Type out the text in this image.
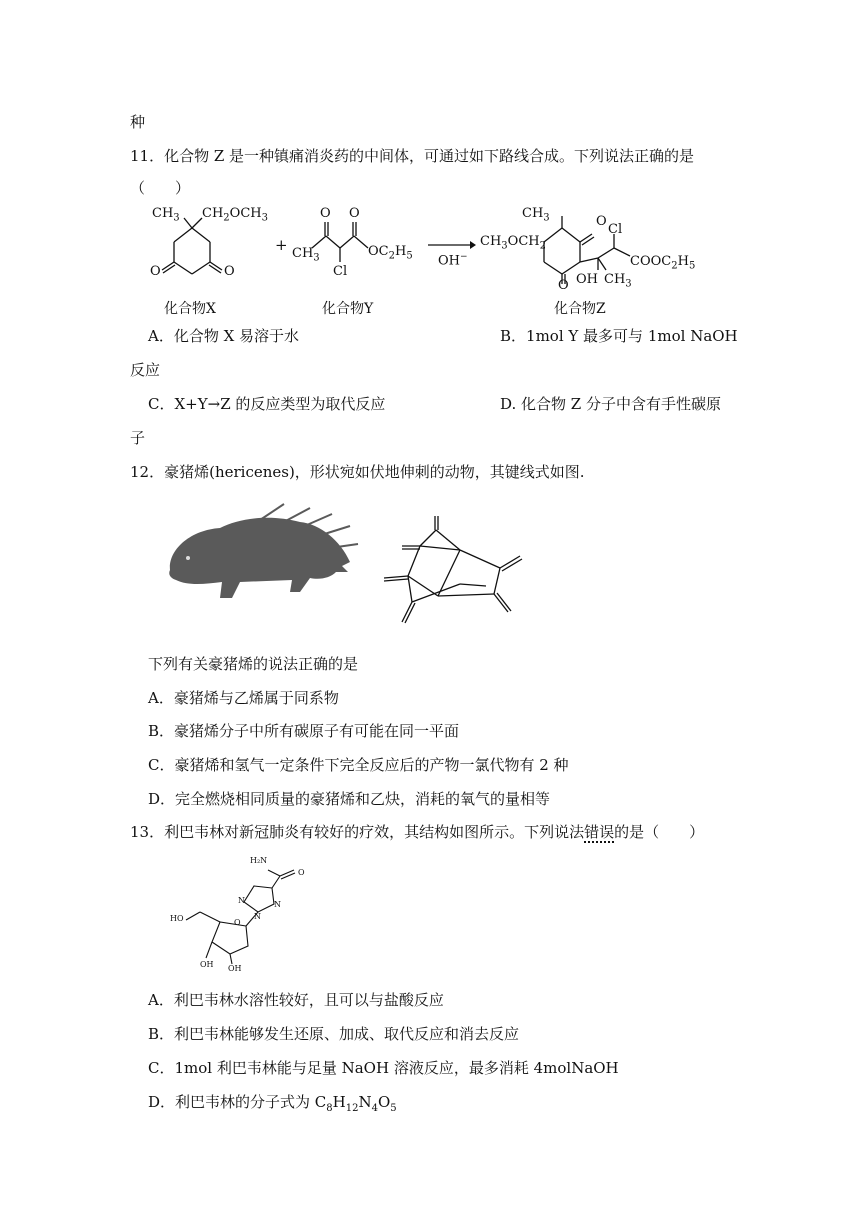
种
11．化合物 Z 是一种镇痛消炎药的中间体，可通过如下路线合成。下列说法正确的是
（　　）
$CH_3$ $CH_2OCH_3$
O	O
+
O O
$CH_3$	$OC_2H_5$
Cl
OH−
$CH_3$
$CH_3OCH_2$
O
O
Cl
$COOC_2H_5$
OH $CH_3$
化合物X	化合物Y	化合物Z
A．化合物 X 易溶于水	B．1mol Y 最多可与 1mol NaOH
反应
C．X+Y→Z 的反应类型为取代反应	D. 化合物 Z 分子中含有手性碳原
子
12．豪猪烯(hericenes)，形状宛如伏地伸刺的动物，其键线式如图.
下列有关豪猪烯的说法正确的是
A．豪猪烯与乙烯属于同系物
B．豪猪烯分子中所有碳原子有可能在同一平面
C．豪猪烯和氢气一定条件下完全反应后的产物一氯代物有 2 种
D．完全燃烧相同质量的豪猪烯和乙炔，消耗的氧气的量相等
13．利巴韦林对新冠肺炎有较好的疗效，其结构如图所示。下列说法错误的是（　　）
H₂N
O
N	N
N
O
HO
OH OH
A．利巴韦林水溶性较好，且可以与盐酸反应
B．利巴韦林能够发生还原、加成、取代反应和消去反应
C．1mol 利巴韦林能与足量 NaOH 溶液反应，最多消耗 4molNaOH
D．利巴韦林的分子式为 $C_8H_{12}N_4O_5$
